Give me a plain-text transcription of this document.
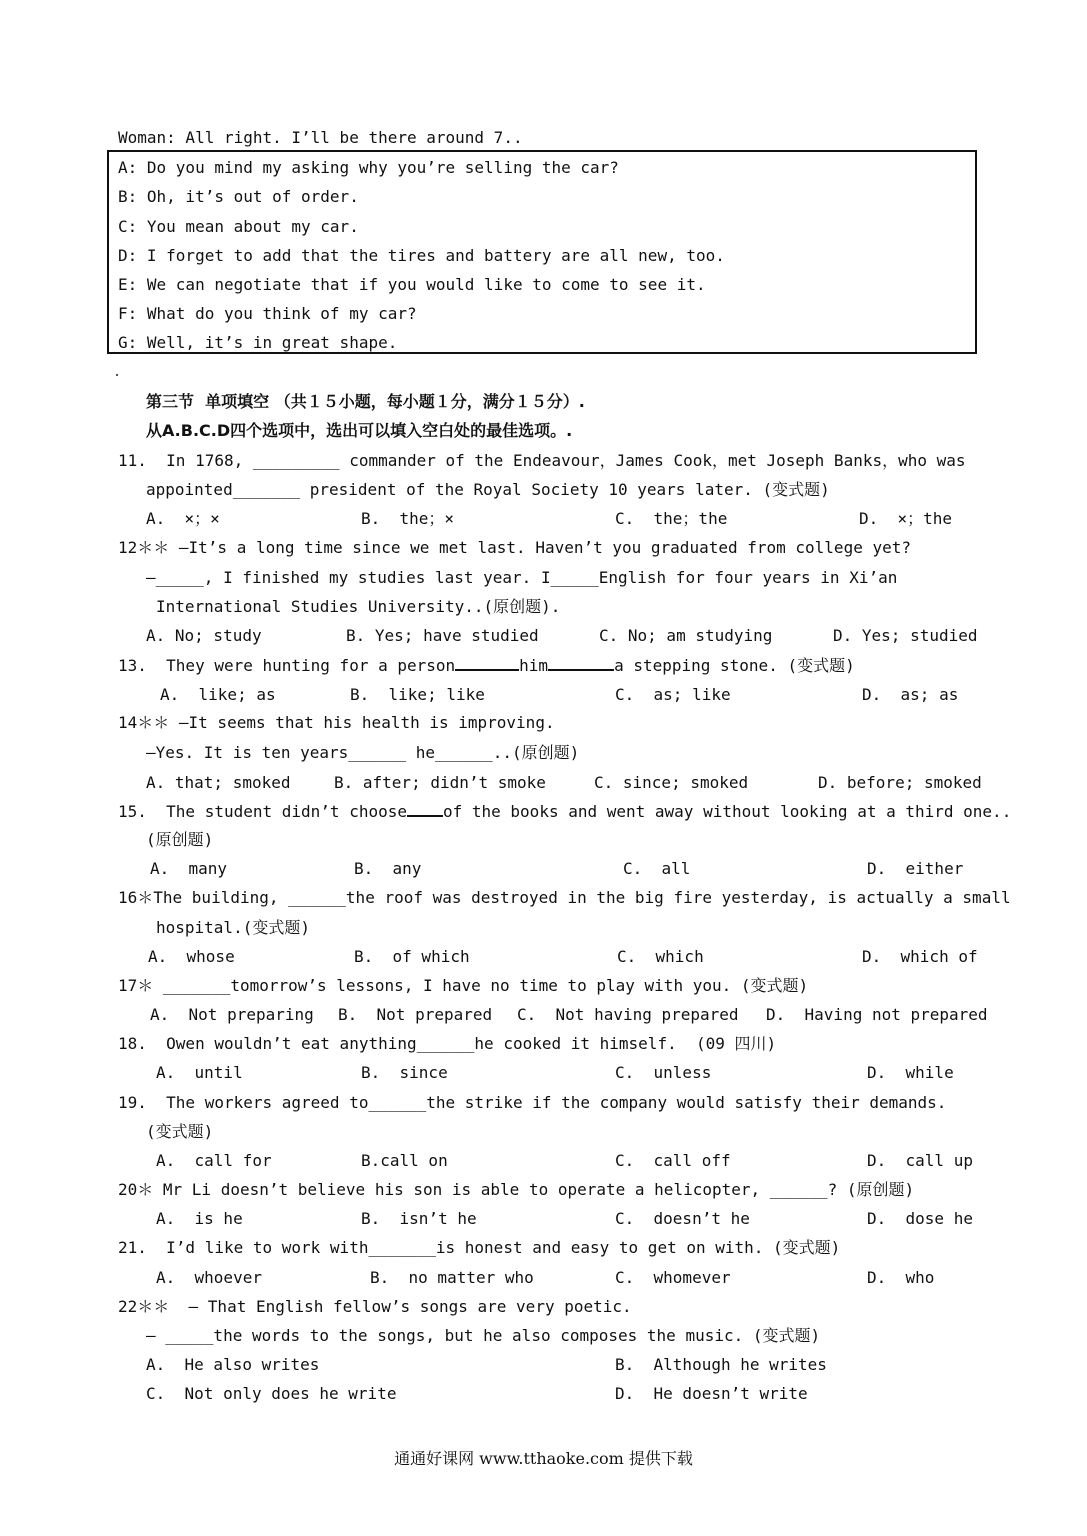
Woman: All right. I’ll be there around 7..
A: Do you mind my asking why you’re selling the car?
B: Oh, it’s out of order.
C: You mean about my car.
D: I forget to add that the tires and battery are all new, too.
E: We can negotiate that if you would like to come to see it.
F: What do you think of my car?
G: Well, it’s in great shape.
第三节  单项填空 （共１５小题，每小题１分，满分１５分）.
从A.B.C.D四个选项中，选出可以填入空白处的最佳选项。.
11.  In 1768, _________ commander of the Endeavour，James Cook，met Joseph Banks，who was
appointed_______ president of the Royal Society 10 years later. (变式题)
A.  ×；×	B.  the；×	C.  the；the	D.  ×；the
12＊＊ —It’s a long time since we met last. Haven’t you graduated from college yet?
—_____, I finished my studies last year. I_____English for four years in Xi’an
International Studies University..(原创题).
A. No; study	B. Yes; have studied	C. No; am studying	D. Yes; studied
13.  They were hunting for a person	him	a stepping stone. (变式题)
A.  like; as	B.  like; like	C.  as; like	D.  as; as
14＊＊ —It seems that his health is improving.
—Yes. It is ten years______ he______..(原创题)
A. that; smoked	B. after; didn’t smoke	C. since; smoked	D. before; smoked
15.  The student didn’t choose of the books and went away without looking at a third one..
(原创题)
A.  many	B.  any	C.  all	D.  either
16＊The building, ______the roof was destroyed in the big fire yesterday, is actually a small
hospital.(变式题)
A.  whose	B.  of which	C.  which	D.  which of
17＊ _______tomorrow’s lessons, I have no time to play with you. (变式题)
A.  Not preparing B.  Not prepared C.  Not having prepared D.  Having not prepared
18.  Owen wouldn’t eat anything______he cooked it himself.  (09 四川)
A.  until	B.  since	C.  unless	D.  while
19.  The workers agreed to______the strike if the company would satisfy their demands.
(变式题)
A.  call for	B.call on	C.  call off	D.  call up
20＊ Mr Li doesn’t believe his son is able to operate a helicopter, ______? (原创题)
A.  is he	B.  isn’t he	C.  doesn’t he	D.  dose he
21.  I’d like to work with_______is honest and easy to get on with. (变式题)
A.  whoever	B.  no matter who	C.  whomever	D.  who
22＊＊  — That English fellow’s songs are very poetic.
— _____the words to the songs, but he also composes the music. (变式题)
A.  He also writes	B.  Although he writes
C.  Not only does he write	D.  He doesn’t write
通通好课网 www.tthaoke.com 提供下载
